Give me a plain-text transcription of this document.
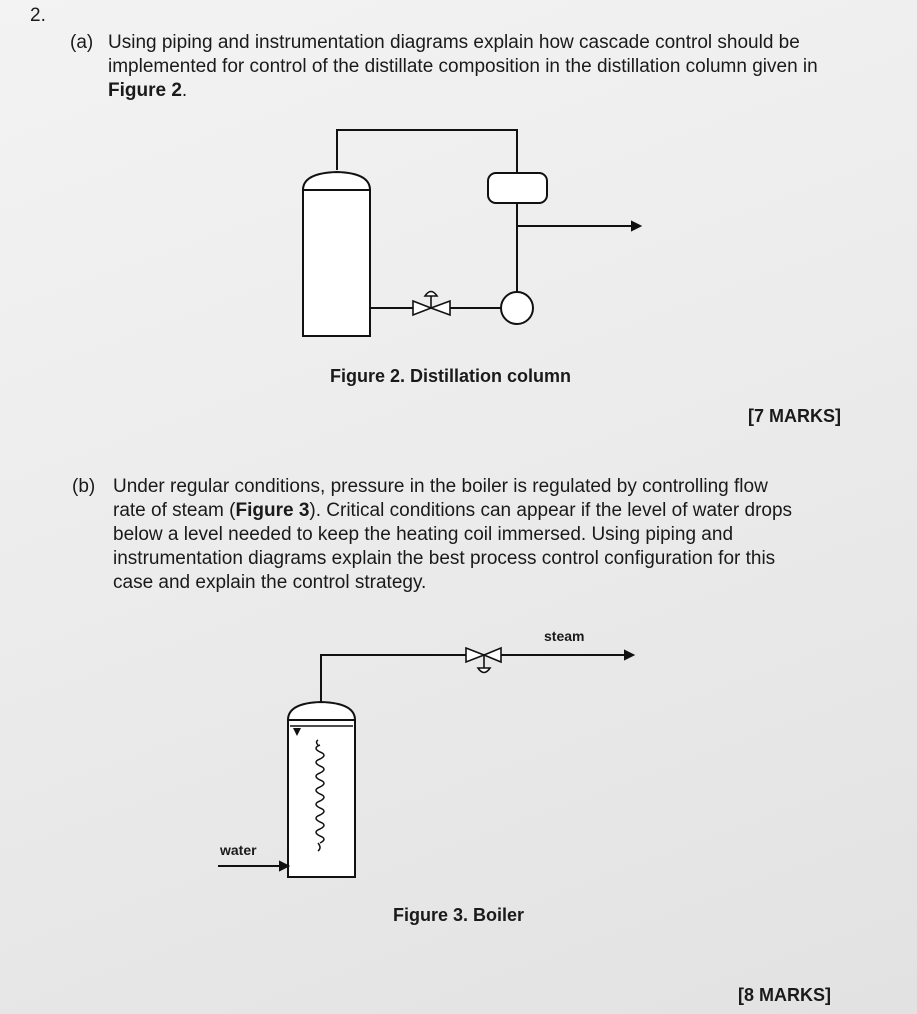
2.
(a) Using piping and instrumentation diagrams explain how cascade control should be implemented for control of the distillate composition in the distillation column given in Figure 2.
Figure 2. Distillation column
[7 MARKS]
(b) Under regular conditions, pressure in the boiler is regulated by controlling flow
rate of steam (Figure 3). Critical conditions can appear if the level of water drops
below a level needed to keep the heating coil immersed. Using piping and
instrumentation diagrams explain the best process control configuration for this
case and explain the control strategy.
steam
water
Figure 3. Boiler
[8 MARKS]
